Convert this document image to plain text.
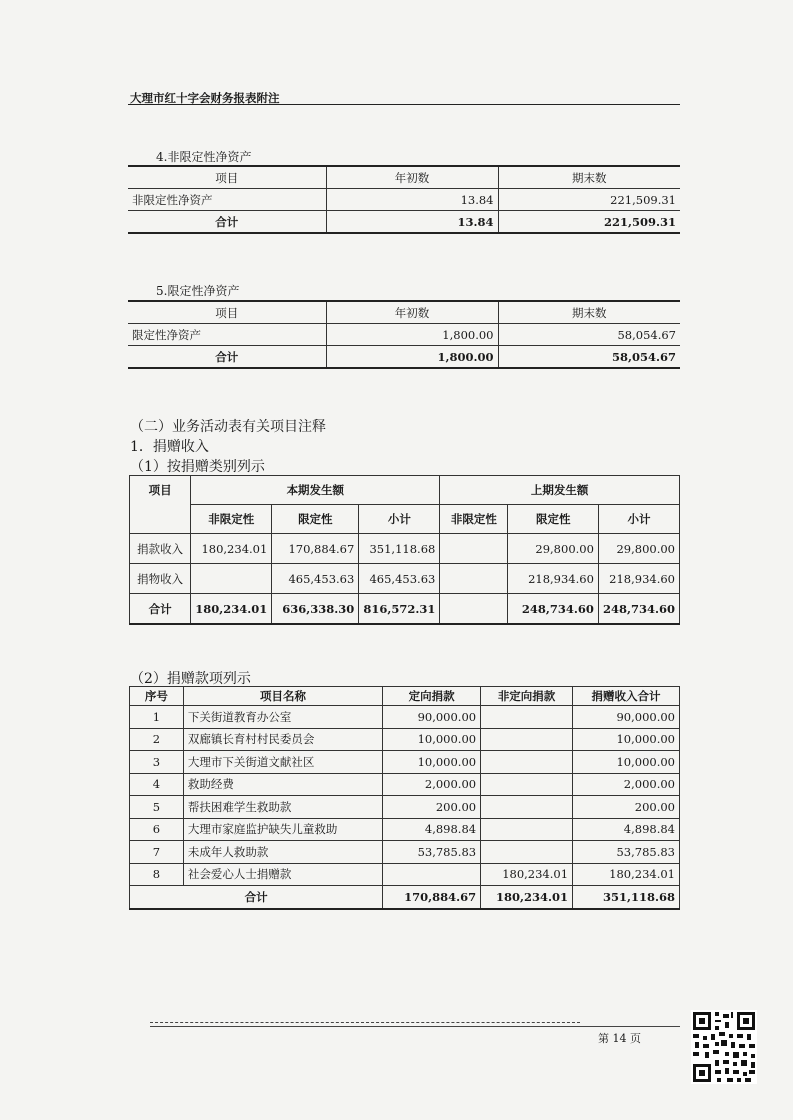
大理市红十字会财务报表附注
4.非限定性净资产
项目	年初数	期末数
非限定性净资产	13.84	221,509.31
合计	13.84	221,509.31
5.限定性净资产
项目	年初数	期末数
限定性净资产	1,800.00	58,054.67
合计	1,800.00	58,054.67
（二）业务活动表有关项目注释
1．捐赠收入
（1）按捐赠类别列示
项目	本期发生额			上期发生额		
	非限定性	限定性	小计	非限定性	限定性	小计
捐款收入	180,234.01	170,884.67	351,118.68		29,800.00	29,800.00
捐物收入		465,453.63	465,453.63		218,934.60	218,934.60
合计	180,234.01	636,338.30	816,572.31		248,734.60	248,734.60
（2）捐赠款项列示
序号	项目名称	定向捐款	非定向捐款	捐赠收入合计
1	下关街道教育办公室	90,000.00		90,000.00
2	双廊镇长育村村民委员会	10,000.00		10,000.00
3	大理市下关街道文献社区	10,000.00		10,000.00
4	救助经费	2,000.00		2,000.00
5	帮扶困难学生救助款	200.00		200.00
6	大理市家庭监护缺失儿童救助	4,898.84		4,898.84
7	未成年人救助款	53,785.83		53,785.83
8	社会爱心人士捐赠款		180,234.01	180,234.01
合计		170,884.67	180,234.01	351,118.68
第 14 页
